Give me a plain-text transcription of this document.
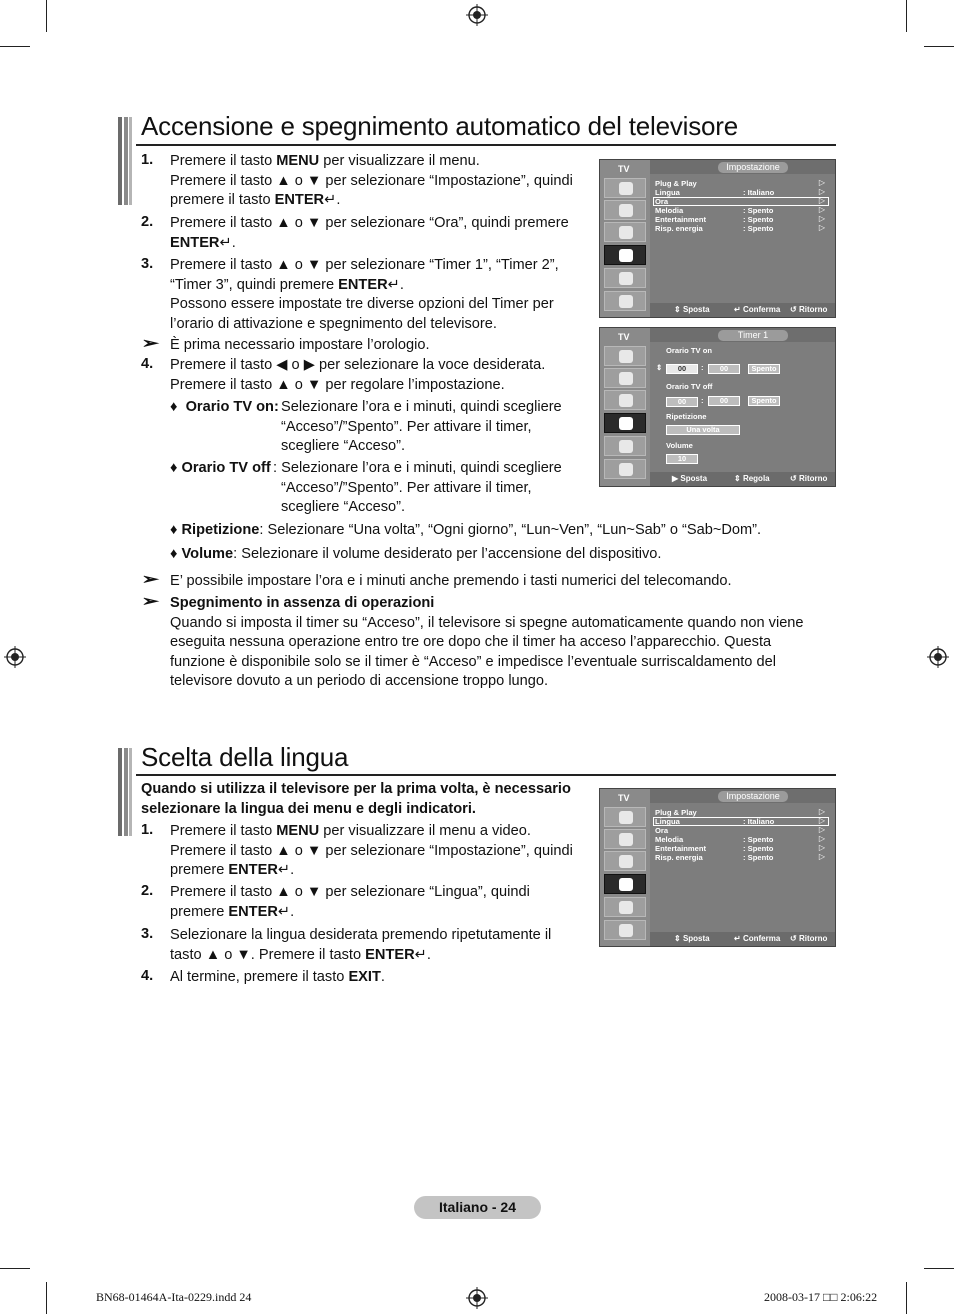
Accensione e spegnimento automatico del televisore
1. Premere il tasto MENU per visualizzare il menu.
Premere il tasto ▲ o ▼ per selezionare “Impostazione”, quindi
premere il tasto ENTER↵.
2. Premere il tasto ▲ o ▼ per selezionare “Ora”, quindi premere
ENTER↵.
3. Premere il tasto ▲ o ▼ per selezionare “Timer 1”, “Timer 2”,
“Timer 3”, quindi premere ENTER↵.
Possono essere impostate tre diverse opzioni del Timer per
l’orario di attivazione e spegnimento del televisore.
➢ È prima necessario impostare l’orologio.
4. Premere il tasto ◀ o ▶ per selezionare la voce desiderata.
Premere il tasto ▲ o ▼ per regolare l’impostazione.
♦  Orario TV on: Selezionare l’ora e i minuti, quindi scegliere
“Acceso”/”Spento”. Per attivare il timer,
scegliere “Acceso”.
♦ Orario TV off : Selezionare l’ora e i minuti, quindi scegliere
“Acceso”/”Spento”. Per attivare il timer,
scegliere “Acceso”.
♦ Ripetizione: Selezionare “Una volta”, “Ogni giorno”, “Lun~Ven”, “Lun~Sab” o “Sab~Dom”.
♦ Volume: Selezionare il volume desiderato per l’accensione del dispositivo.
➢ E’ possibile impostare l’ora e i minuti anche premendo i tasti numerici del telecomando.
➢ Spegnimento in assenza di operazioni
Quando si imposta il timer su “Acceso”, il televisore si spegne automaticamente quando non viene
eseguita nessuna operazione entro tre ore dopo che il timer ha acceso l’apparecchio. Questa
funzione è disponibile solo se il timer è “Acceso” e impedisce l’eventuale surriscaldamento del
televisore dovuto a un periodo di accensione troppo lungo.
TV	Impostazione
Plug & Play
Lingua	: Italiano
Ora
Melodia	: Spento
Entertainment	: Spento
Risp. energia	: Spento
▷
▷
▷
▷
▷
▷
⇕ Sposta	↵ Conferma ↺ Ritorno
TV	Timer 1
Orario TV on
⇕	00	:	00	Spento
Orario TV off
00	:	00	Spento
Ripetizione
Una volta
Volume
10
▶ Sposta	⇕ Regola	↺ Ritorno
Scelta della lingua
Quando si utilizza il televisore per la prima volta, è necessario
selezionare la lingua dei menu e degli indicatori.
1. Premere il tasto MENU per visualizzare il menu a video.
Premere il tasto ▲ o ▼ per selezionare “Impostazione”, quindi
premere ENTER↵.
2. Premere il tasto ▲ o ▼ per selezionare “Lingua”, quindi
premere ENTER↵.
3. Selezionare la lingua desiderata premendo ripetutamente il
tasto ▲ o ▼. Premere il tasto ENTER↵.
4. Al termine, premere il tasto EXIT.
TV	Impostazione
Plug & Play
Lingua	: Italiano
Ora
Melodia	: Spento
Entertainment	: Spento
Risp. energia	: Spento
▷
▷
▷
▷
▷
▷
⇕ Sposta	↵ Conferma ↺ Ritorno
Italiano - 24
BN68-01464A-Ita-0229.indd 24	2008-03-17 □□ 2:06:22
